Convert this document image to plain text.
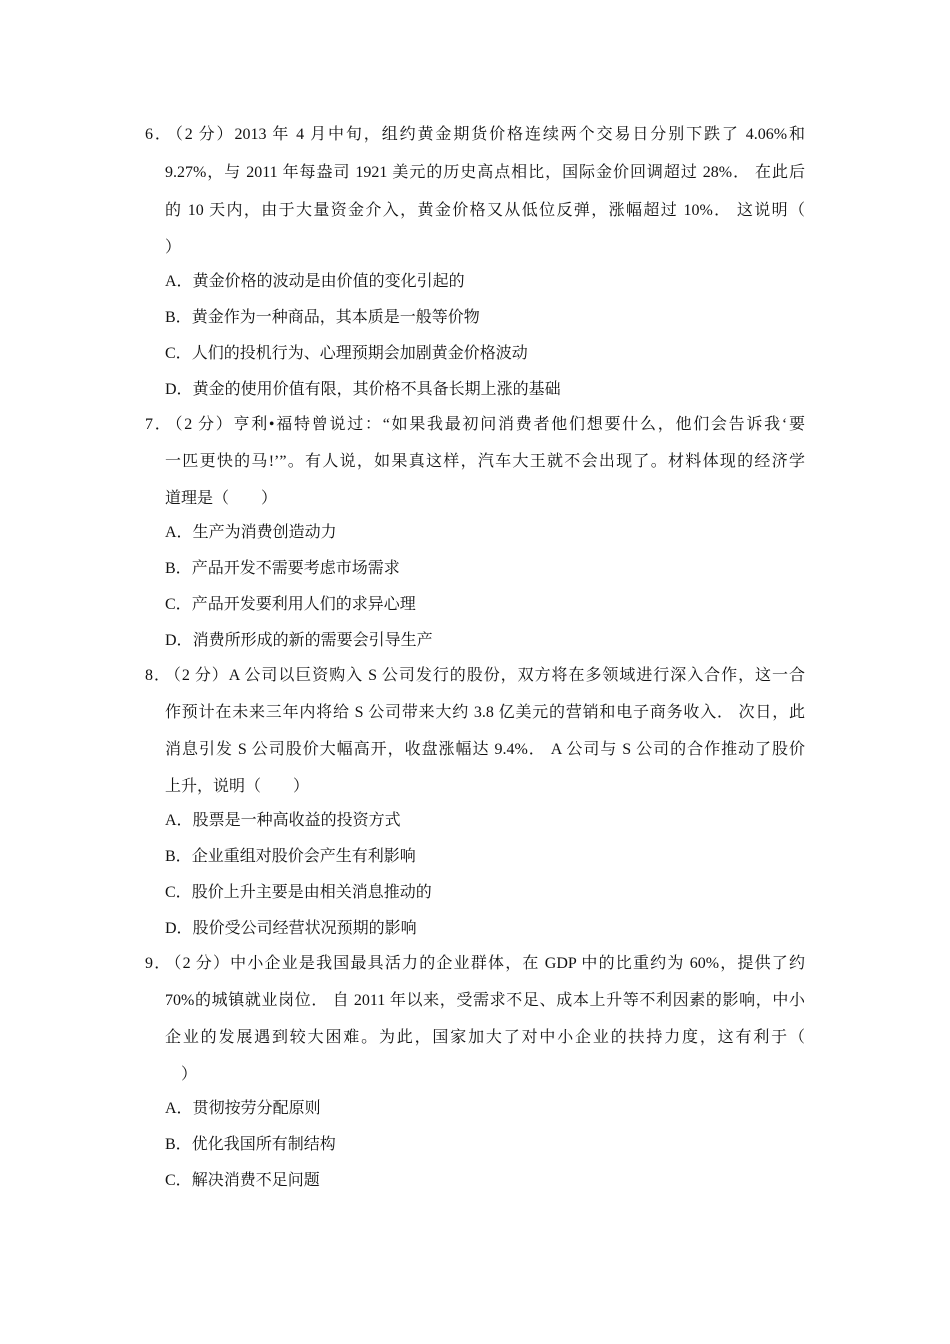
6． （2 分）2013 年 4 月中旬，组约黄金期货价格连续两个交易日分别下跌了 4.06%和
9.27%，与 2011 年每盎司 1921 美元的历史高点相比，国际金价回调超过 28%． 在此后
的 10 天内，由于大量资金介入，黄金价格又从低位反弹，涨幅超过 10%． 这说明（
）
A．黄金价格的波动是由价值的变化引起的
B．黄金作为一种商品，其本质是一般等价物
C．人们的投机行为、心理预期会加剧黄金价格波动
D．黄金的使用价值有限，其价格不具备长期上涨的基础
7． （2 分）亨利•福特曾说过：“如果我最初问消费者他们想要什么，他们会告诉我‘要
一匹更快的马!’”。有人说，如果真这样，汽车大王就不会出现了。材料体现的经济学
道理是（　　）
A．生产为消费创造动力
B．产品开发不需要考虑市场需求
C．产品开发要利用人们的求异心理
D．消费所形成的新的需要会引导生产
8． （2 分）A 公司以巨资购入 S 公司发行的股份，双方将在多领域进行深入合作，这一合
作预计在未来三年内将给 S 公司带来大约 3.8 亿美元的营销和电子商务收入． 次日，此
消息引发 S 公司股价大幅高开，收盘涨幅达 9.4%． A 公司与 S 公司的合作推动了股价
上升，说明（　　）
A．股票是一种高收益的投资方式
B．企业重组对股价会产生有利影响
C．股价上升主要是由相关消息推动的
D．股价受公司经营状况预期的影响
9． （2 分）中小企业是我国最具活力的企业群体，在 GDP 中的比重约为 60%，提供了约
70%的城镇就业岗位． 自 2011 年以来，受需求不足、成本上升等不利因素的影响，中小
企业的发展遇到较大困难。为此，国家加大了对中小企业的扶持力度，这有利于（
）
A．贯彻按劳分配原则
B．优化我国所有制结构
C．解决消费不足问题
